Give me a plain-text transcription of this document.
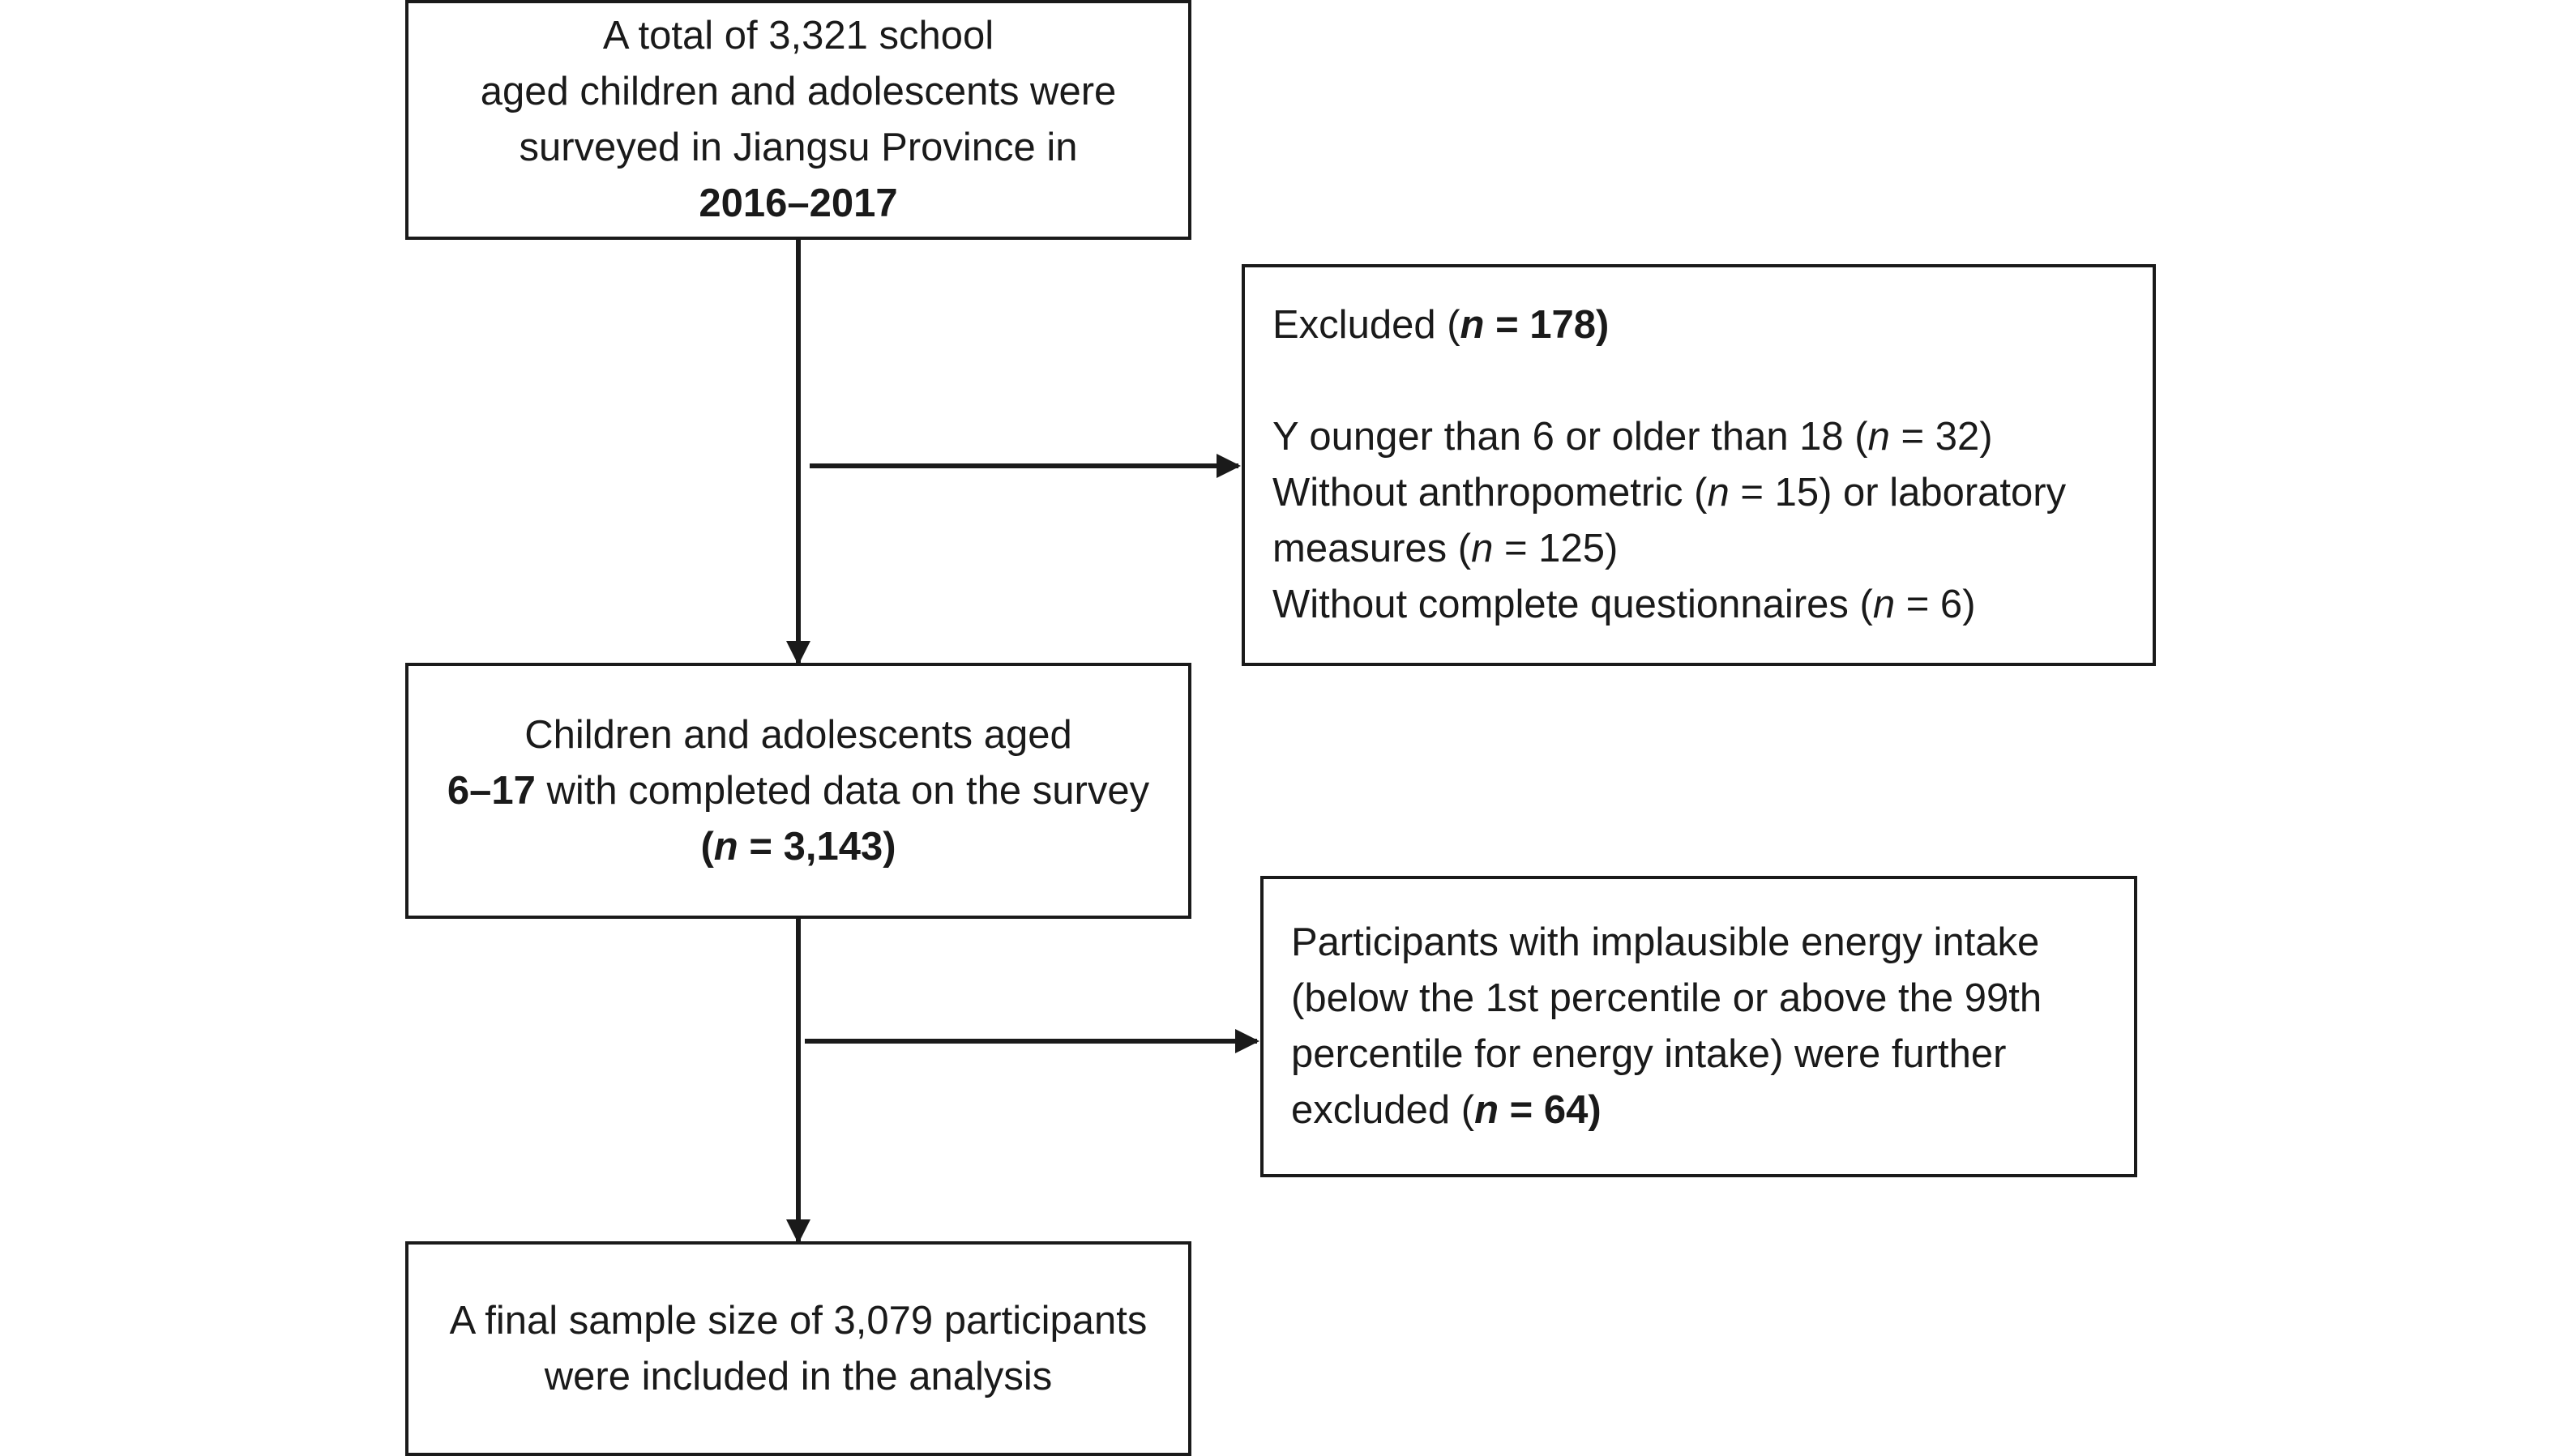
A total of 3,321 school
aged children and adolescents were
surveyed in Jiangsu Province in
2016–2017
Excluded (n = 178)
Y ounger than 6 or older than 18 (n = 32)
Without anthropometric (n = 15) or laboratory
measures (n = 125)
Without complete questionnaires (n = 6)
Children and adolescents aged
6–17 with completed data on the survey
(n = 3,143)
Participants with implausible energy intake
(below the 1st percentile or above the 99th
percentile for energy intake) were further
excluded (n = 64)
A final sample size of 3,079 participants
were included in the analysis
